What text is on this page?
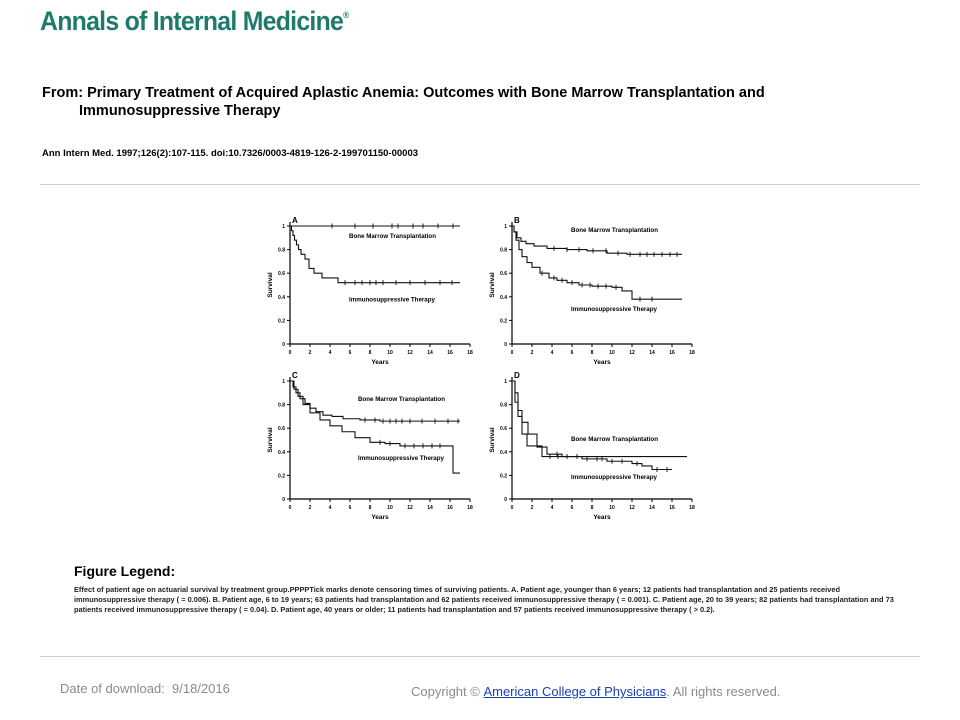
Annals of Internal Medicine®
From: Primary Treatment of Acquired Aplastic Anemia: Outcomes with Bone Marrow Transplantation and
Immunosuppressive Therapy
Ann Intern Med. 1997;126(2):107-115. doi:10.7326/0003-4819-126-2-199701150-00003
A
0
0.2
0.4
0.6
0.8
1
0	2	4	6	8	10	12	14	16	18
Years
Survival
Bone Marrow Transplantation
Immunosuppressive Therapy
B
0
0.2
0.4
0.6
0.8
1
0	2	4	6	8	10	12	14	16	18
Years
Survival
Bone Marrow Transplantation
Immunosuppressive Therapy
C
0
0.2
0.4
0.6
0.8
1
0	2	4	6	8	10	12	14	16	18
Years
Survival
Bone Marrow Transplantation
Immunosuppressive Therapy
D
0
0.2
0.4
0.6
0.8
1
0	2	4	6	8	10	12	14	16	18
Years
Survival	Bone Marrow Transplantation
Immunosuppressive Therapy
Figure Legend:
Effect of patient age on actuarial survival by treatment group.PPPPTick marks denote censoring times of surviving patients. A. Patient age, younger than 6 years; 12 patients had transplantation and 25 patients received immunosuppressive therapy ( = 0.006). B. Patient age, 6 to 19 years; 63 patients had transplantation and 62 patients received immunosuppressive therapy ( = 0.001). C. Patient age, 20 to 39 years; 82 patients had transplantation and 73 patients received immunosuppressive therapy ( = 0.04). D. Patient age, 40 years or older; 11 patients had transplantation and 57 patients received immunosuppressive therapy ( > 0.2).
Date of download: 9/18/2016	Copyright © American College of Physicians. All rights reserved.
